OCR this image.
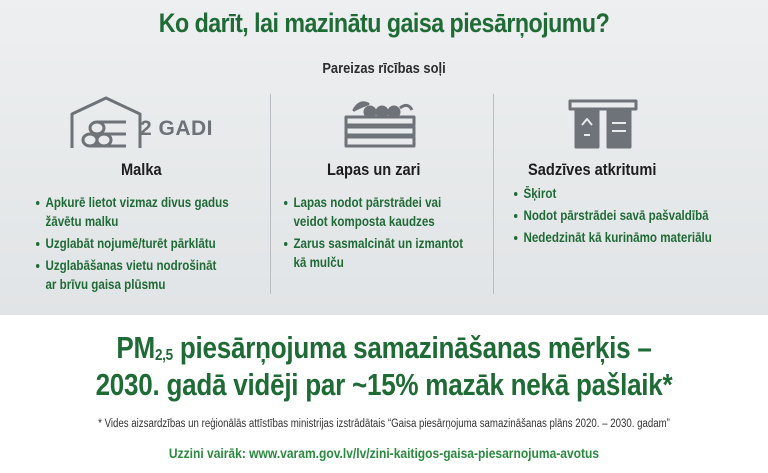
Ko darīt, lai mazinātu gaisa piesārņojumu?
Pareizas rīcības soļi
2 GADI
Malka
Apkurē lietot vizmaz divus gadus
žāvētu malku
Uzglabāt nojumē/turēt pārklātu
Uzglabāšanas vietu nodrošināt
ar brīvu gaisa plūsmu
Lapas un zari
Lapas nodot pārstrādei vai
veidot komposta kaudzes
Zarus sasmalcināt un izmantot
kā mulču
Sadzīves atkritumi
Šķirot
Nodot pārstrādei savā pašvaldībā
Nededzināt kā kurināmo materiālu
$PM_{2,5}$ piesārņojuma samazināšanas mērķis –
2030. gadā vidēji par ~15% mazāk nekā pašlaik*
* Vides aizsardzības un reģionālās attīstības ministrijas izstrādātais “Gaisa piesārņojuma samazināšanas plāns 2020. – 2030. gadam”
Uzzini vairāk: www.varam.gov.lv/lv/zini-kaitigos-gaisa-piesarnojuma-avotus
